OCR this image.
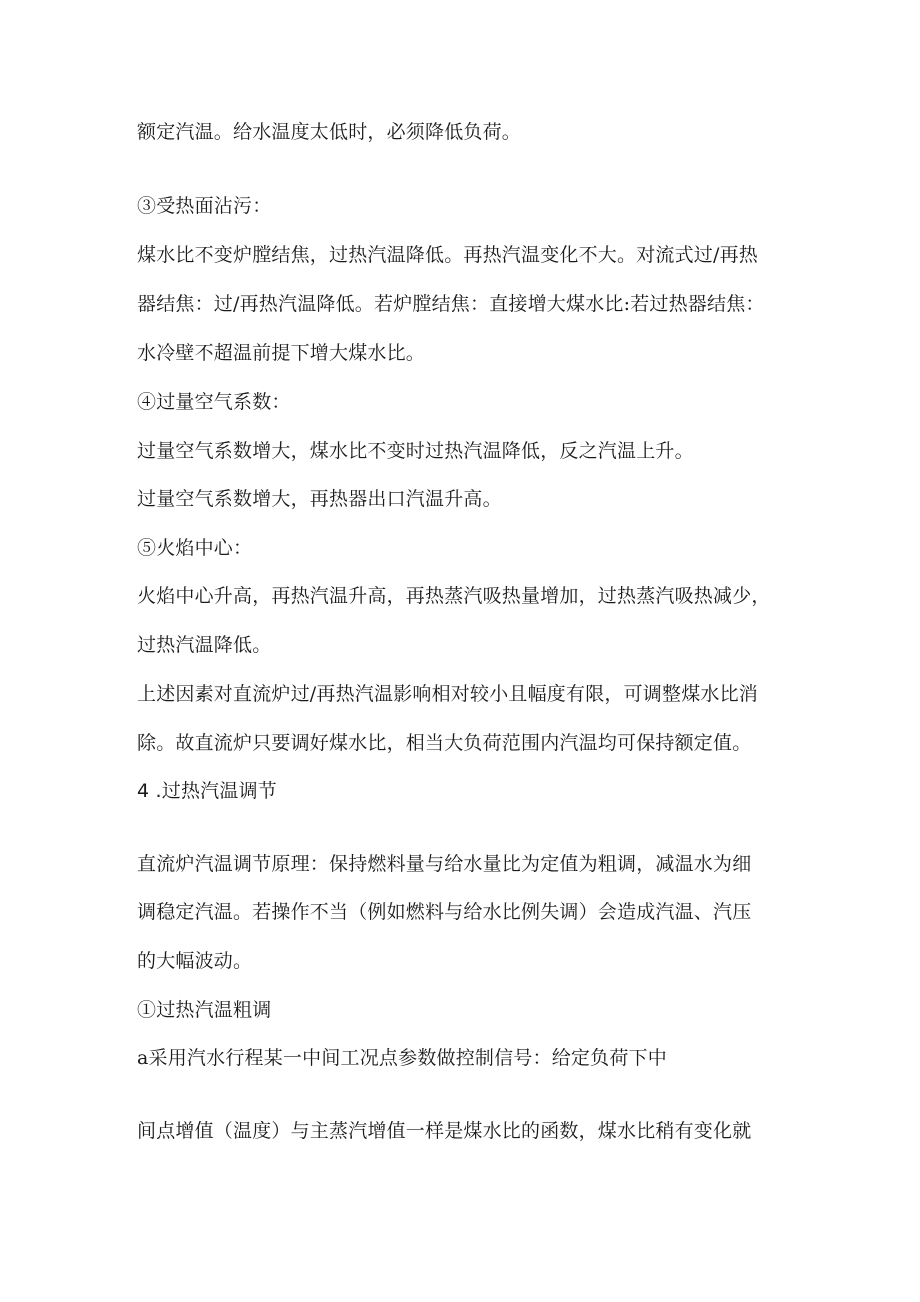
额定汽温。给水温度太低时，必须降低负荷。
③受热面沾污：
煤水比不变炉膛结焦，过热汽温降低。再热汽温变化不大。对流式过/再热
器结焦：过/再热汽温降低。若炉膛结焦：直接增大煤水比:若过热器结焦：
水冷壁不超温前提下增大煤水比。
④过量空气系数：
过量空气系数增大，煤水比不变时过热汽温降低，反之汽温上升。
过量空气系数增大，再热器出口汽温升高。
⑤火焰中心：
火焰中心升高，再热汽温升高，再热蒸汽吸热量增加，过热蒸汽吸热减少，
过热汽温降低。
上述因素对直流炉过/再热汽温影响相对较小且幅度有限，可调整煤水比消
除。故直流炉只要调好煤水比，相当大负荷范围内汽温均可保持额定值。
4 .过热汽温调节
直流炉汽温调节原理：保持燃料量与给水量比为定值为粗调，减温水为细
调稳定汽温。若操作不当（例如燃料与给水比例失调）会造成汽温、汽压
的大幅波动。
①过热汽温粗调
a采用汽水行程某一中间工况点参数做控制信号：给定负荷下中
间点增值（温度）与主蒸汽增值一样是煤水比的函数，煤水比稍有变化就
